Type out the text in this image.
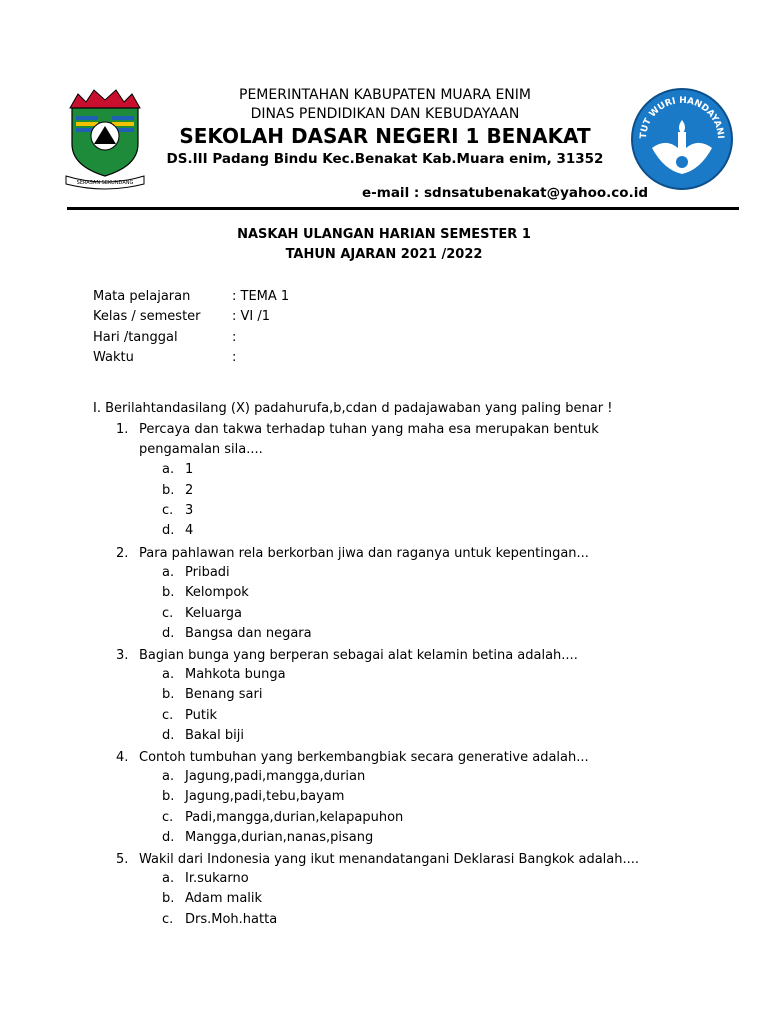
SERASAN SEKUNDANG
TUT WURI HANDAYANI
PEMERINTAHAN KABUPATEN MUARA ENIM
DINAS PENDIDIKAN DAN KEBUDAYAAN
SEKOLAH DASAR NEGERI 1 BENAKAT
DS.III Padang Bindu Kec.Benakat Kab.Muara enim, 31352
e-mail : sdnsatubenakat@yahoo.co.id
NASKAH ULANGAN HARIAN SEMESTER 1
TAHUN AJARAN 2021 /2022
Mata pelajaran	: TEMA 1
Kelas / semester : VI /1
Hari /tanggal	:
Waktu	:
I. Berilahtandasilang (X) padahurufa,b,cdan d padajawaban yang paling benar !
1. Percaya dan takwa terhadap tuhan yang maha esa merupakan bentuk pengamalan sila....
a. 1
b. 2
c. 3
d. 4
2. Para pahlawan rela berkorban jiwa dan raganya untuk kepentingan...
a. Pribadi
b. Kelompok
c. Keluarga
d. Bangsa dan negara
3. Bagian bunga yang berperan sebagai alat kelamin betina adalah....
a. Mahkota bunga
b. Benang sari
c. Putik
d. Bakal biji
4. Contoh tumbuhan yang berkembangbiak secara generative adalah...
a. Jagung,padi,mangga,durian
b. Jagung,padi,tebu,bayam
c. Padi,mangga,durian,kelapapuhon
d. Mangga,durian,nanas,pisang
5. Wakil dari Indonesia yang ikut menandatangani Deklarasi Bangkok adalah....
a. Ir.sukarno
b. Adam malik
c. Drs.Moh.hatta
